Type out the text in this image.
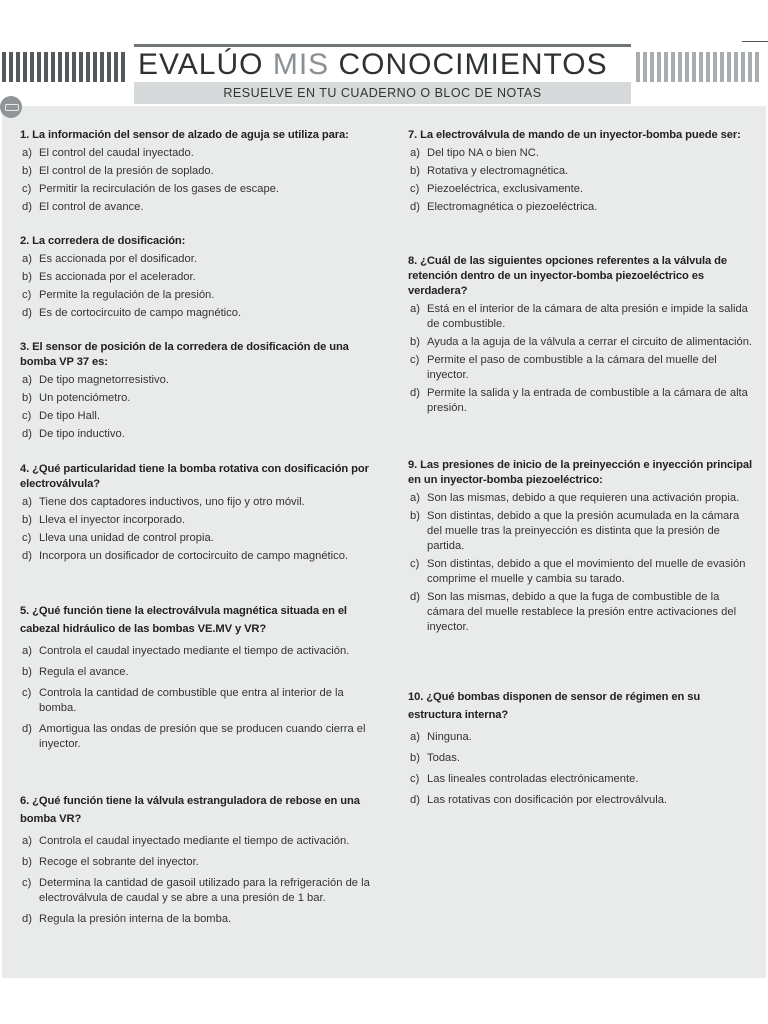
EVALÚO MIS CONOCIMIENTOS
RESUELVE EN TU CUADERNO O BLOC DE NOTAS
1. La información del sensor de alzado de aguja se utiliza para:
a) El control del caudal inyectado.
b) El control de la presión de soplado.
c) Permitir la recirculación de los gases de escape.
d) El control de avance.
2. La corredera de dosificación:
a) Es accionada por el dosificador.
b) Es accionada por el acelerador.
c) Permite la regulación de la presión.
d) Es de cortocircuito de campo magnético.
3. El sensor de posición de la corredera de dosificación de una bomba VP 37 es:
a) De tipo magnetorresistivo.
b) Un potenciómetro.
c) De tipo Hall.
d) De tipo inductivo.
4. ¿Qué particularidad tiene la bomba rotativa con dosificación por electroválvula?
a) Tiene dos captadores inductivos, uno fijo y otro móvil.
b) Lleva el inyector incorporado.
c) Lleva una unidad de control propia.
d) Incorpora un dosificador de cortocircuito de campo magnético.
5. ¿Qué función tiene la electroválvula magnética situada en el cabezal hidráulico de las bombas VE.MV y VR?
a) Controla el caudal inyectado mediante el tiempo de activación.
b) Regula el avance.
c) Controla la cantidad de combustible que entra al interior de la bomba.
d) Amortigua las ondas de presión que se producen cuando cierra el inyector.
6. ¿Qué función tiene la válvula estranguladora de rebose en una bomba VR?
a) Controla el caudal inyectado mediante el tiempo de activación.
b) Recoge el sobrante del inyector.
c) Determina la cantidad de gasoil utilizado para la refrigeración de la electroválvula de caudal y se abre a una presión de 1 bar.
d) Regula la presión interna de la bomba.
7. La electroválvula de mando de un inyector-bomba puede ser:
a) Del tipo NA o bien NC.
b) Rotativa y electromagnética.
c) Piezoeléctrica, exclusivamente.
d) Electromagnética o piezoeléctrica.
8. ¿Cuál de las siguientes opciones referentes a la válvula de retención dentro de un inyector-bomba piezoeléctrico es verdadera?
a) Está en el interior de la cámara de alta presión e impide la salida de combustible.
b) Ayuda a la aguja de la válvula a cerrar el circuito de alimentación.
c) Permite el paso de combustible a la cámara del muelle del inyector.
d) Permite la salida y la entrada de combustible a la cámara de alta presión.
9. Las presiones de inicio de la preinyección e inyección principal en un inyector-bomba piezoeléctrico:
a) Son las mismas, debido a que requieren una activación propia.
b) Son distintas, debido a que la presión acumulada en la cámara del muelle tras la preinyección es distinta que la presión de partida.
c) Son distintas, debido a que el movimiento del muelle de evasión comprime el muelle y cambia su tarado.
d) Son las mismas, debido a que la fuga de combustible de la cámara del muelle restablece la presión entre activaciones del inyector.
10. ¿Qué bombas disponen de sensor de régimen en su estructura interna?
a) Ninguna.
b) Todas.
c) Las lineales controladas electrónicamente.
d) Las rotativas con dosificación por electroválvula.
